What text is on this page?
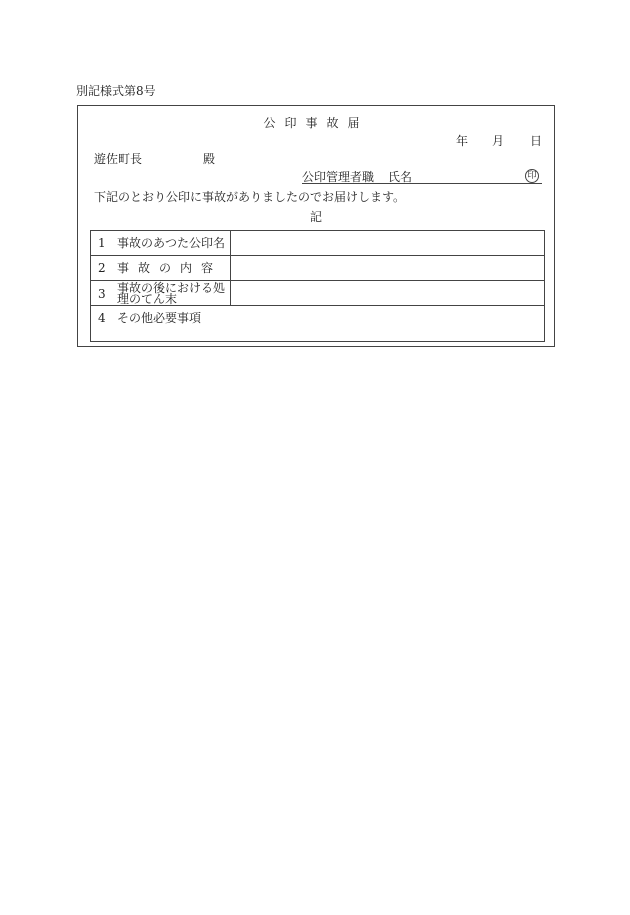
別記様式第8号
公印事故届
年 月 日
遊佐町長	殿
公印管理者職 氏名	印
下記のとおり公印に事故がありましたのでお届けします。
記
1 事故のあつた公印名
2 事故の内容
3 事故の後における処
理のてん末
4 その他必要事項
